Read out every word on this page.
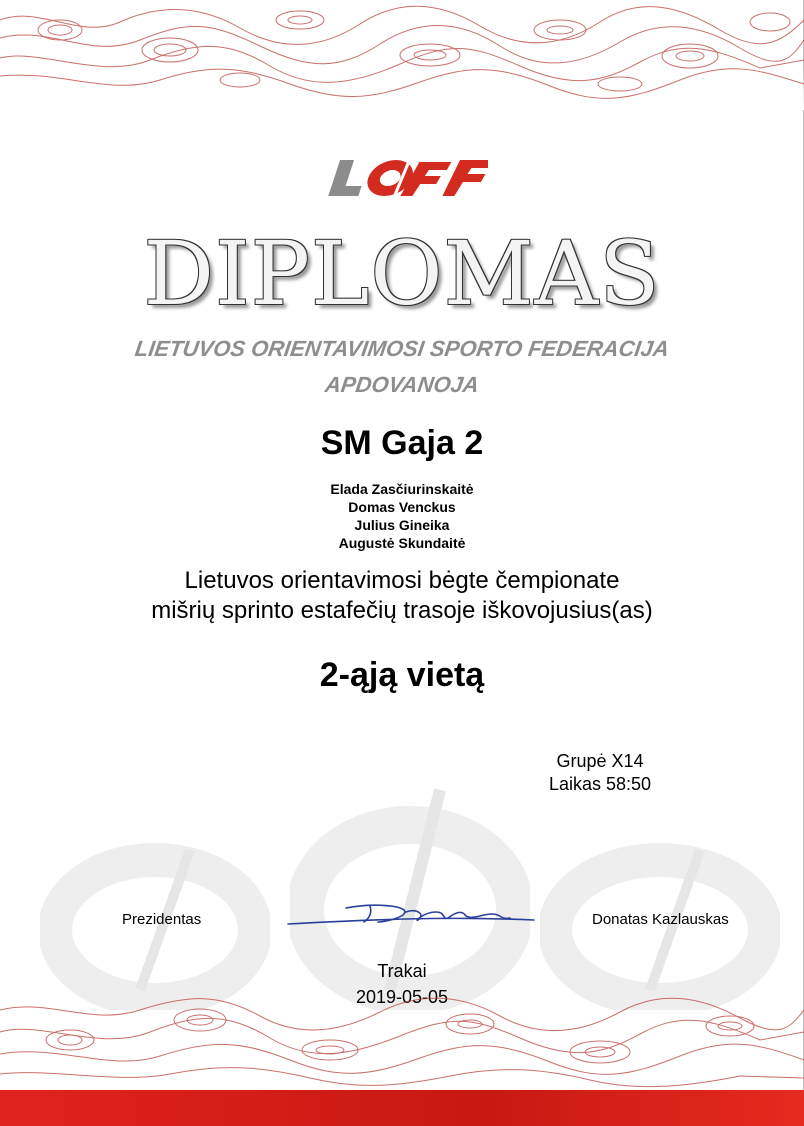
DIPLOMAS
LIETUVOS ORIENTAVIMOSI SPORTO FEDERACIJA
APDOVANOJA
SM Gaja 2
Elada Zasčiurinskaitė
Domas Venckus
Julius Gineika
Augustė Skundaitė
Lietuvos orientavimosi bėgte čempionate
mišrių sprinto estafečių trasoje iškovojusius(as)
2-ąją vietą
Grupė X14
Laikas 58:50
Prezidentas	Donatas Kazlauskas
Trakai
2019-05-05
